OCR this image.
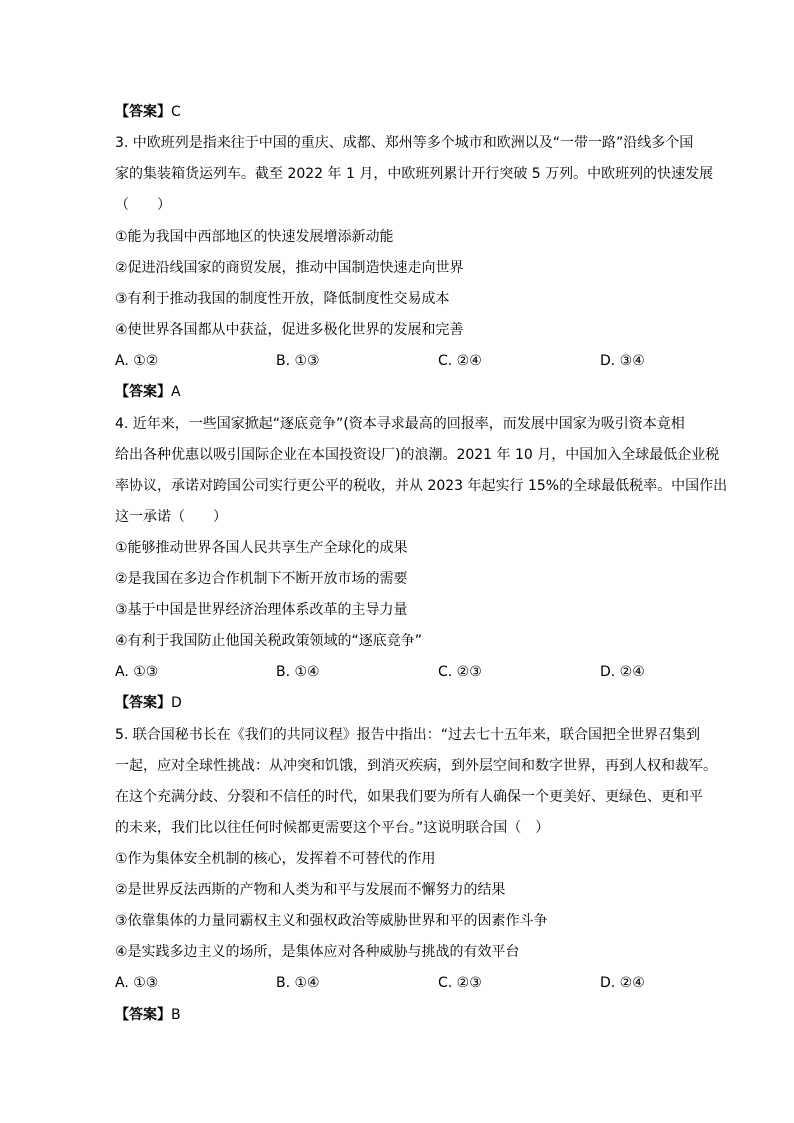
【答案】C
3. 中欧班列是指来往于中国的重庆、成都、郑州等多个城市和欧洲以及“一带一路”沿线多个国
家的集装箱货运列车。截至 2022 年 1 月，中欧班列累计开行突破 5 万列。中欧班列的快速发展
（　　）
①能为我国中西部地区的快速发展增添新动能
②促进沿线国家的商贸发展，推动中国制造快速走向世界
③有利于推动我国的制度性开放，降低制度性交易成本
④使世界各国都从中获益，促进多极化世界的发展和完善
A. ①②	B. ①③	C. ②④	D. ③④
【答案】A
4. 近年来，一些国家掀起“逐底竞争”(资本寻求最高的回报率，而发展中国家为吸引资本竟相
给出各种优惠以吸引国际企业在本国投资设厂)的浪潮。2021 年 10 月，中国加入全球最低企业税
率协议，承诺对跨国公司实行更公平的税收，并从 2023 年起实行 15%的全球最低税率。中国作出
这一承诺（　　）
①能够推动世界各国人民共享生产全球化的成果
②是我国在多边合作机制下不断开放市场的需要
③基于中国是世界经济治理体系改革的主导力量
④有利于我国防止他国关税政策领域的“逐底竞争”
A. ①③	B. ①④	C. ②③	D. ②④
【答案】D
5. 联合国秘书长在《我们的共同议程》报告中指出：“过去七十五年来，联合国把全世界召集到
一起，应对全球性挑战：从冲突和饥饿，到消灭疾病，到外层空间和数字世界，再到人权和裁军。
在这个充满分歧、分裂和不信任的时代，如果我们要为所有人确保一个更美好、更绿色、更和平
的未来，我们比以往任何时候都更需要这个平台。”这说明联合国（　）
①作为集体安全机制的核心，发挥着不可替代的作用
②是世界反法西斯的产物和人类为和平与发展而不懈努力的结果
③依靠集体的力量同霸权主义和强权政治等威胁世界和平的因素作斗争
④是实践多边主义的场所，是集体应对各种威胁与挑战的有效平台
A. ①③	B. ①④	C. ②③	D. ②④
【答案】B
